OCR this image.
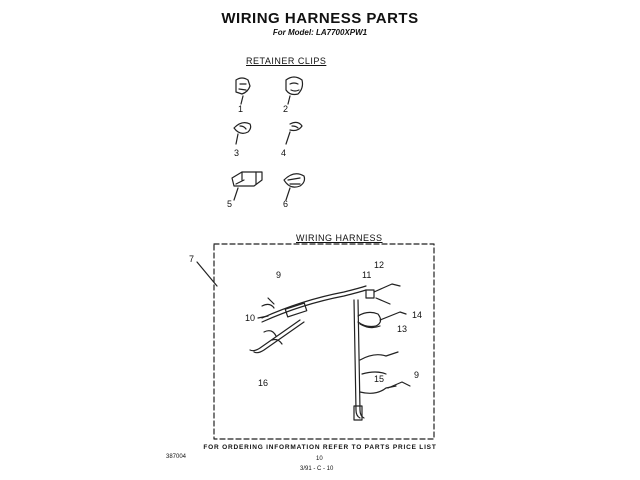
WIRING HARNESS PARTS
For Model: LA7700XPW1
RETAINER CLIPS
WIRING HARNESS
1	2
3	4
5	6
7
9
10
11
12
13
14
16	15	9
FOR ORDERING INFORMATION REFER TO PARTS PRICE LIST
387004	10
3/91 - C - 10
